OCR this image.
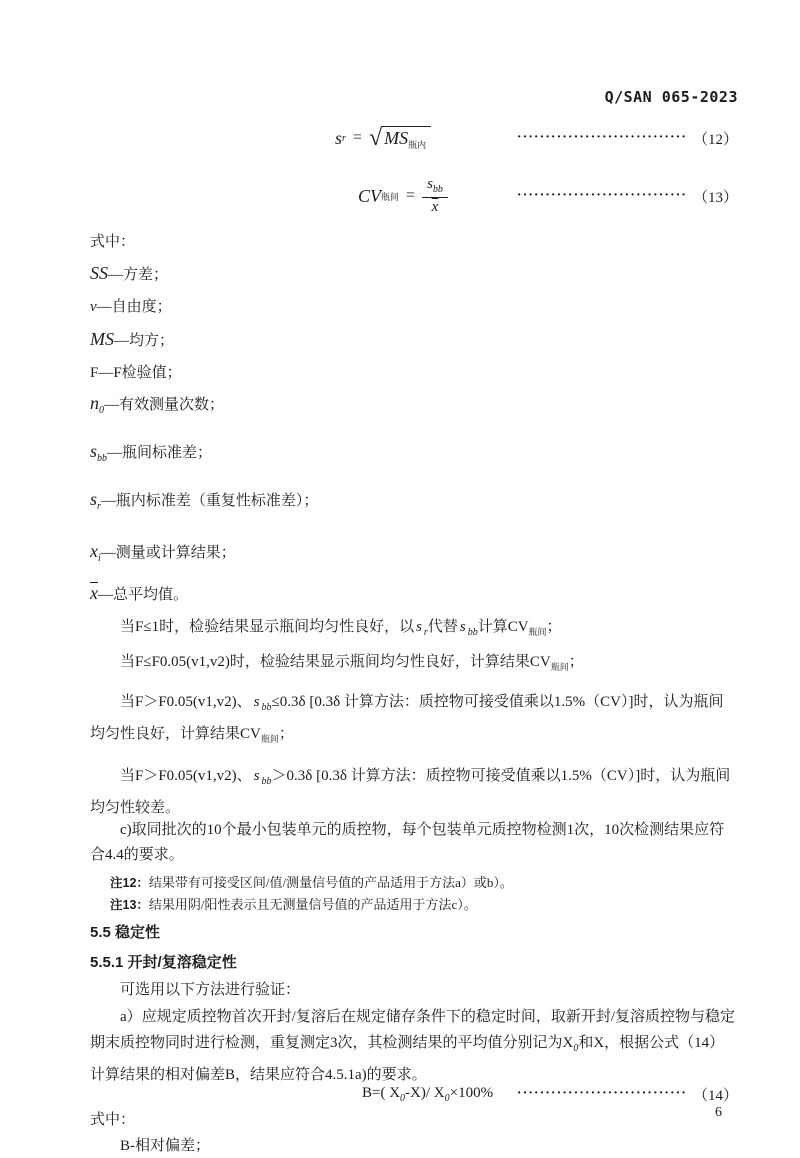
Q/SAN 065-2023
s r = √ $MS_{瓶内}$	······························ （12）
CV 瓶间 = $\frac{s_{bb}}{x}$	······························ （13）

式中：

SS—方差；
ν—自由度；
MS—均方；
F—F检验值；
$n_0—$有效测量次数；
$s_{bb}—$瓶间标准差；
$s_r—$瓶内标准差（重复性标准差）；
$x_i—$测量或计算结果；
$\overline{x}—$总平均值。

当F≤1时，检验结果显示瓶间均匀性良好，以 s $_r$代替 s $_{bb}$计算$CV_{瓶间}$；

当F≤F0.05(v1,v2)时，检验结果显示瓶间均匀性良好，计算结果$CV_{瓶间}$；

当F＞F0.05(v1,v2)、 s $_{bb}$≤0.3δ [0.3δ 计算方法：质控物可接受值乘以1.5%（CV）]时，认为瓶间均匀性良好，计算结果$CV_{瓶间}$；

当F＞F0.05(v1,v2)、 s $_{bb}$＞0.3δ [0.3δ 计算方法：质控物可接受值乘以1.5%（CV）]时，认为瓶间均匀性较差。

c)取同批次的10个最小包装单元的质控物，每个包装单元质控物检测1次，10次检测结果应符合4.4的要求。

注12：结果带有可接受区间/值/测量信号值的产品适用于方法a）或b）。

注13：结果用阴/阳性表示且无测量信号值的产品适用于方法c）。

5.5 稳定性
5.5.1 开封/复溶稳定性

可选用以下方法进行验证：

a）应规定质控物首次开封/复溶后在规定储存条件下的稳定时间，取新开封/复溶质控物与稳定期末质控物同时进行检测，重复测定3次，其检测结果的平均值分别记为$X_0$和X，根据公式（14）计算结果的相对偏差B，结果应符合4.5.1a)的要求。

B=( $X_0-X)/$ $X_0\times 100\%$ ······························ （14）

式中：

B-相对偏差；

6
